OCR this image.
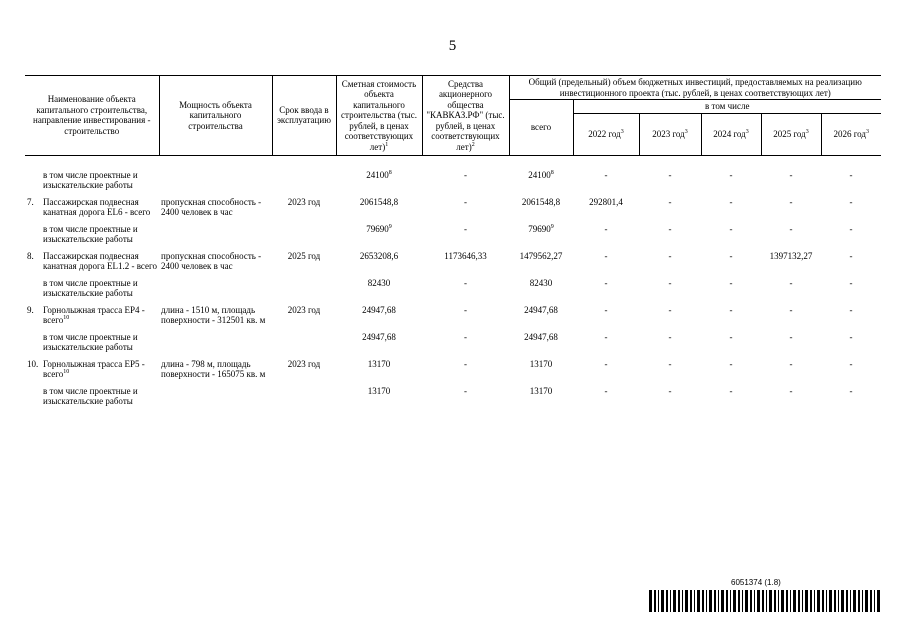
5
Наименование объекта капитального строительства, направление инвестирования - строительство		Мощность объекта капитального строительства	Срок ввода в эксплуатацию	Сметная стоимость объекта капитального строительства (тыс. рублей, в ценах соответствующих лет)$^1$	Средства акционерного общества "КАВКАЗ.РФ" (тыс. рублей, в ценах соответствующих лет)$^2$	Общий (предельный) объем бюджетных инвестиций, предоставляемых на реализацию инвестиционного проекта (тыс. рублей, в ценах соответствующих лет)					
						всего	в том числе				
							2022 год$^3$	2023 год$^3$	2024 год$^3$	2025 год$^3$	2026 год$^3$
	в том числе проектные и изыскательские работы			24100$^8$	-	24100$^8$	-	-	-	-	-
7.	Пассажирская подвесная канатная дорога EL6 - всего	пропускная способность - 2400 человек в час	2023 год	2061548,8	-	2061548,8	292801,4	-	-	-	-
	в том числе проектные и изыскательские работы			79690$^9$	-	79690$^9$	-	-	-	-	-
8.	Пассажирская подвесная канатная дорога EL1.2 - всего	пропускная способность - 2400 человек в час	2025 год	2653208,6	1173646,33	1479562,27	-	-	-	1397132,27	-
	в том числе проектные и изыскательские работы			82430	-	82430	-	-	-	-	-
9.	Горнолыжная трасса EP4 - всего$^{10}$	длина - 1510 м, площадь поверхности - 312501 кв. м	2023 год	24947,68	-	24947,68	-	-	-	-	-
	в том числе проектные и изыскательские работы			24947,68	-	24947,68	-	-	-	-	-
10.	Горнолыжная трасса EP5 - всего$^{10}$	длина - 798 м, площадь поверхности - 165075 кв. м	2023 год	13170	-	13170	-	-	-	-	-
	в том числе проектные и изыскательские работы			13170	-	13170	-	-	-	-	-
6051374 (1.8)
